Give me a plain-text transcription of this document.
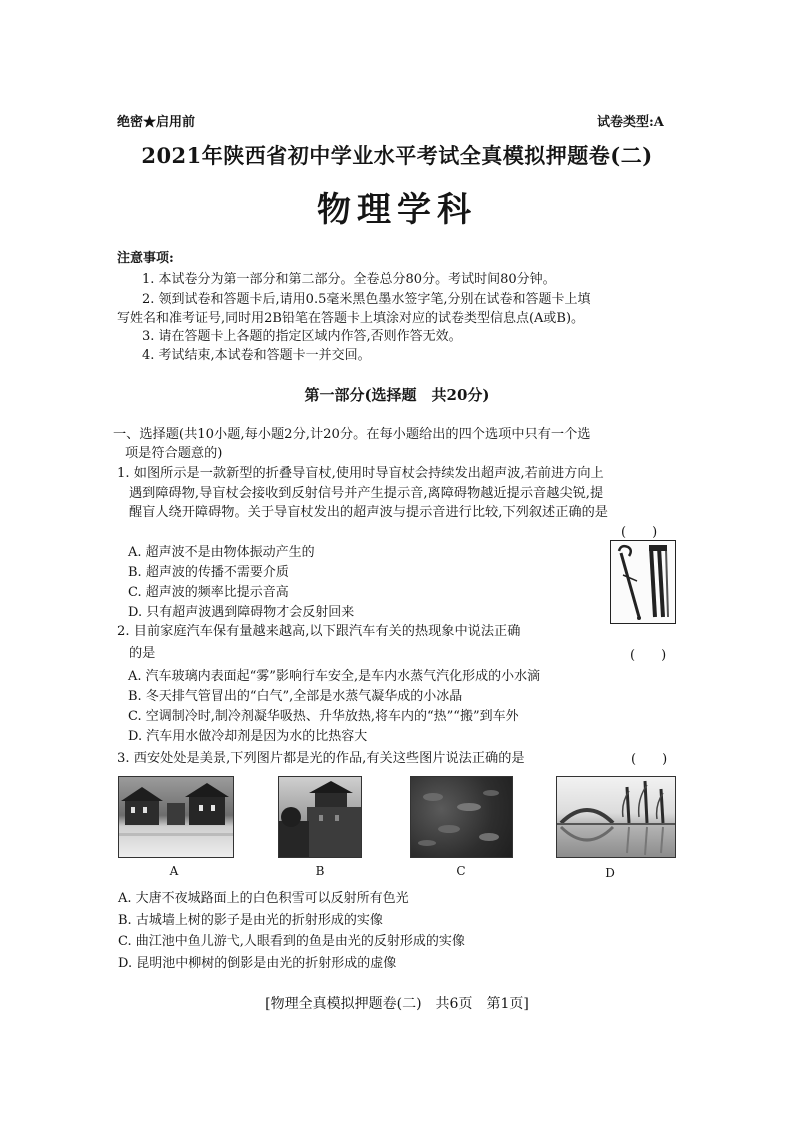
绝密★启用前	试卷类型:A
2021年陕西省初中学业水平考试全真模拟押题卷(二)
物理学科
注意事项:
1. 本试卷分为第一部分和第二部分。全卷总分80分。考试时间80分钟。
2. 领到试卷和答题卡后,请用0.5毫米黑色墨水签字笔,分别在试卷和答题卡上填
写姓名和准考证号,同时用2B铅笔在答题卡上填涂对应的试卷类型信息点(A或B)。
3. 请在答题卡上各题的指定区域内作答,否则作答无效。
4. 考试结束,本试卷和答题卡一并交回。
第一部分(选择题　共20分)
一、选择题(共10小题,每小题2分,计20分。在每小题给出的四个选项中只有一个选
项是符合题意的)
1. 如图所示是一款新型的折叠导盲杖,使用时导盲杖会持续发出超声波,若前进方向上
遇到障碍物,导盲杖会接收到反射信号并产生提示音,离障碍物越近提示音越尖锐,提
醒盲人绕开障碍物。关于导盲杖发出的超声波与提示音进行比较,下列叙述正确的是
(　　)
A. 超声波不是由物体振动产生的
B. 超声波的传播不需要介质
C. 超声波的频率比提示音高
D. 只有超声波遇到障碍物才会反射回来
2. 目前家庭汽车保有量越来越高,以下跟汽车有关的热现象中说法正确
的是	(　　)
A. 汽车玻璃内表面起“雾”影响行车安全,是车内水蒸气汽化形成的小水滴
B. 冬天排气管冒出的“白气”,全部是水蒸气凝华成的小冰晶
C. 空调制冷时,制冷剂凝华吸热、升华放热,将车内的“热”“搬”到车外
D. 汽车用水做冷却剂是因为水的比热容大
3. 西安处处是美景,下列图片都是光的作品,有关这些图片说法正确的是	(　　)
A	B	C	D
A. 大唐不夜城路面上的白色积雪可以反射所有色光
B. 古城墙上树的影子是由光的折射形成的实像
C. 曲江池中鱼儿游弋,人眼看到的鱼是由光的反射形成的实像
D. 昆明池中柳树的倒影是由光的折射形成的虚像
[物理全真模拟押题卷(二)　共6页　第1页]
